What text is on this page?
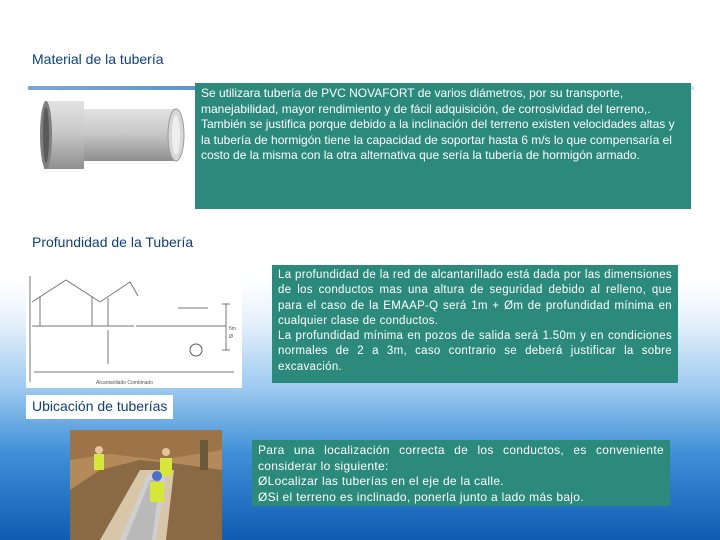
Material de la tubería

Se utilizara tubería de PVC NOVAFORT de varios diámetros, por su transporte, manejabilidad, mayor rendimiento y de fácil adquisición, de corrosividad del terreno,.

También se justifica porque debido a la inclinación del terreno existen velocidades altas y la tubería de hormigón tiene la capacidad de soportar hasta 6 m/s lo que compensaría el costo de la misma con la otra alternativa que sería la tubería de hormigón armado.

Profundidad de la Tubería
Alcantarillado Combinado
5m
Ø

La profundidad de la red de alcantarillado está dada por las dimensiones de los conductos mas una altura de seguridad debido al relleno, que para el caso de la EMAAP-Q será 1m + Øm de profundidad mínima en cualquier clase de conductos.

La profundidad mínima en pozos de salida será 1.50m y en condiciones normales de 2 a 3m, caso contrario se deberá justificar la sobre excavación.

Ubicación de tuberías

Para una localización correcta de los conductos, es conveniente considerar lo siguiente:

ØLocalizar las tuberías en el eje de la calle.

ØSi el terreno es inclinado, ponerla junto a lado más bajo.
